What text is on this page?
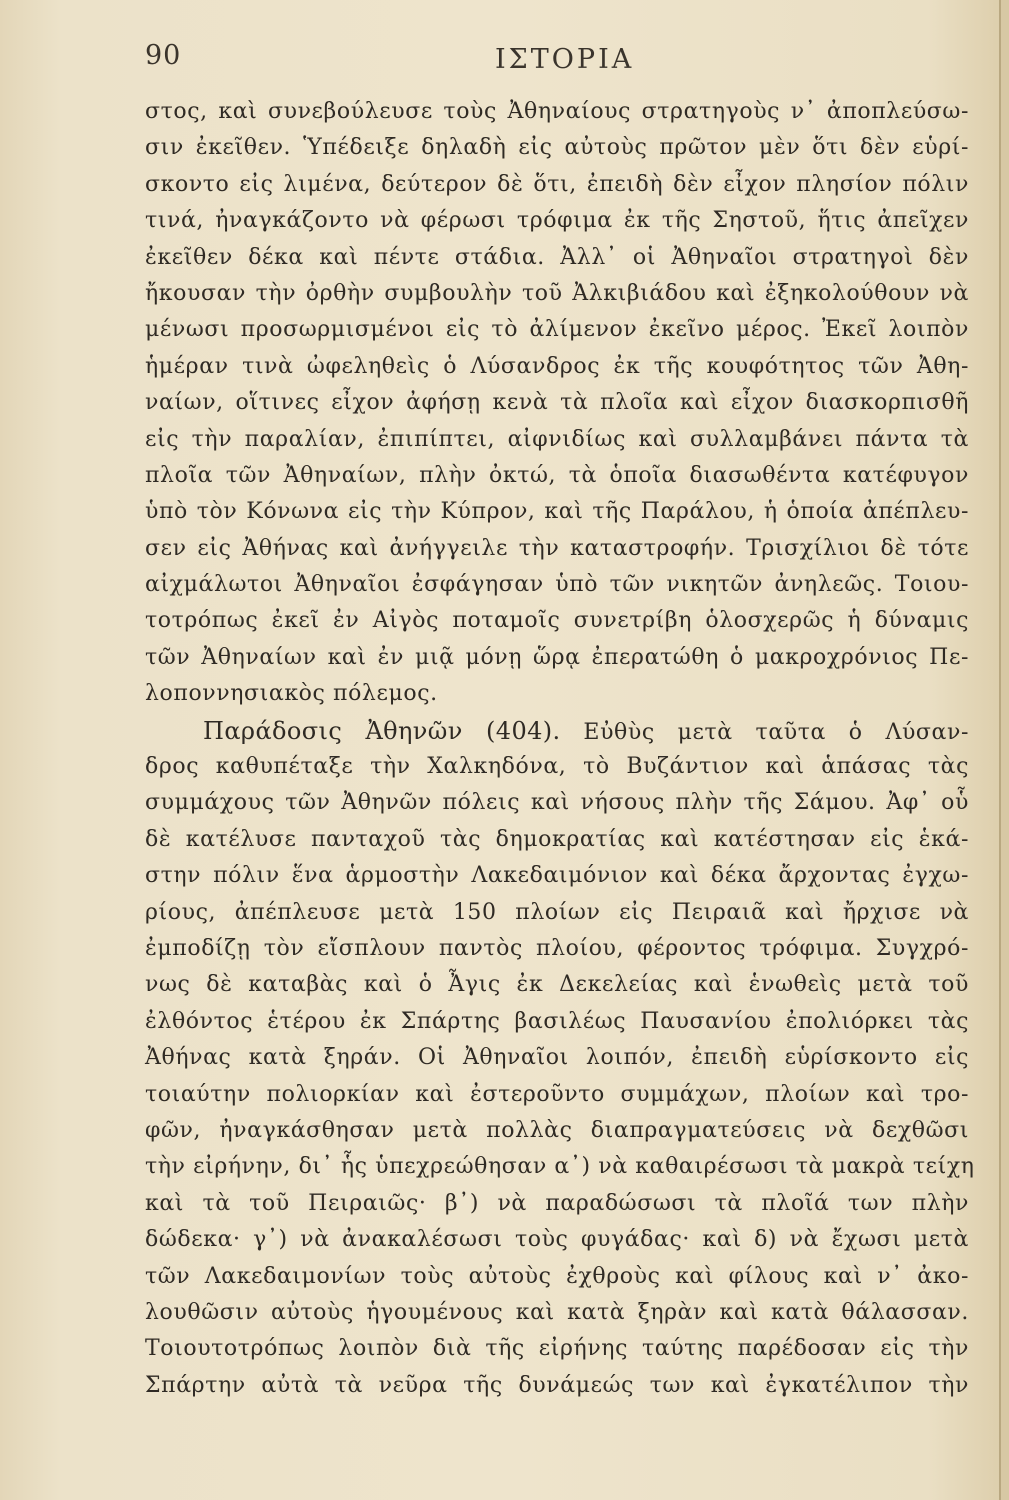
90	ΙΣΤΟΡΙΑ
στος, καὶ συνεβούλευσε τοὺς Ἀθηναίους στρατηγοὺς ν᾿ ἀποπλεύσω-
σιν ἐκεῖθεν. Ὑπέδειξε δηλαδὴ εἰς αὐτοὺς πρῶτον μὲν ὅτι δὲν εὑρί-
σκοντο εἰς λιμένα, δεύτερον δὲ ὅτι, ἐπειδὴ δὲν εἶχον πλησίον πόλιν
τινά, ἠναγκάζοντο νὰ φέρωσι τρόφιμα ἐκ τῆς Σηστοῦ, ἥτις ἀπεῖχεν
ἐκεῖθεν δέκα καὶ πέντε στάδια. Ἀλλ᾿ οἱ Ἀθηναῖοι στρατηγοὶ δὲν
ἤκουσαν τὴν ὀρθὴν συμβουλὴν τοῦ Ἀλκιβιάδου καὶ ἐξηκολούθουν νὰ
μένωσι προσωρμισμένοι εἰς τὸ ἀλίμενον ἐκεῖνο μέρος. Ἐκεῖ λοιπὸν
ἡμέραν τινὰ ὠφεληθεὶς ὁ Λύσανδρος ἐκ τῆς κουφότητος τῶν Ἀθη-
ναίων, οἵτινες εἶχον ἀφήσῃ κενὰ τὰ πλοῖα καὶ εἶχον διασκορπισθῆ
εἰς τὴν παραλίαν, ἐπιπίπτει, αἰφνιδίως καὶ συλλαμβάνει πάντα τὰ
πλοῖα τῶν Ἀθηναίων, πλὴν ὀκτώ, τὰ ὁποῖα διασωθέντα κατέφυγον
ὑπὸ τὸν Κόνωνα εἰς τὴν Κύπρον, καὶ τῆς Παράλου, ἡ ὁποία ἀπέπλευ-
σεν εἰς Ἀθήνας καὶ ἀνήγγειλε τὴν καταστροφήν. Τρισχίλιοι δὲ τότε
αἰχμάλωτοι Ἀθηναῖοι ἐσφάγησαν ὑπὸ τῶν νικητῶν ἀνηλεῶς. Τοιου-
τοτρόπως ἐκεῖ ἐν Αἰγὸς ποταμοῖς συνετρίβη ὁλοσχερῶς ἡ δύναμις
τῶν Ἀθηναίων καὶ ἐν μιᾷ μόνῃ ὥρᾳ ἐπερατώθη ὁ μακροχρόνιος Πε-
λοποννησιακὸς πόλεμος.
Παράδοσις Ἀθηνῶν (404). Εὐθὺς μετὰ ταῦτα ὁ Λύσαν-
δρος καθυπέταξε τὴν Χαλκηδόνα, τὸ Βυζάντιον καὶ ἁπάσας τὰς
συμμάχους τῶν Ἀθηνῶν πόλεις καὶ νήσους πλὴν τῆς Σάμου. Ἀφ᾿ οὗ
δὲ κατέλυσε πανταχοῦ τὰς δημοκρατίας καὶ κατέστησαν εἰς ἑκά-
στην πόλιν ἕνα ἁρμοστὴν Λακεδαιμόνιον καὶ δέκα ἄρχοντας ἐγχω-
ρίους, ἀπέπλευσε μετὰ 150 πλοίων εἰς Πειραιᾶ καὶ ἤρχισε νὰ
ἐμποδίζῃ τὸν εἴσπλουν παντὸς πλοίου, φέροντος τρόφιμα. Συγχρό-
νως δὲ καταβὰς καὶ ὁ Ἆγις ἐκ Δεκελείας καὶ ἑνωθεὶς μετὰ τοῦ
ἐλθόντος ἑτέρου ἐκ Σπάρτης βασιλέως Παυσανίου ἐπολιόρκει τὰς
Ἀθήνας κατὰ ξηράν. Οἱ Ἀθηναῖοι λοιπόν, ἐπειδὴ εὑρίσκοντο εἰς
τοιαύτην πολιορκίαν καὶ ἐστεροῦντο συμμάχων, πλοίων καὶ τρο-
φῶν, ἠναγκάσθησαν μετὰ πολλὰς διαπραγματεύσεις νὰ δεχθῶσι
τὴν εἰρήνην, δι᾿ ἧς ὑπεχρεώθησαν α᾿) νὰ καθαιρέσωσι τὰ μακρὰ τείχη
καὶ τὰ τοῦ Πειραιῶς· β᾿) νὰ παραδώσωσι τὰ πλοῖά των πλὴν
δώδεκα· γ᾿) νὰ ἀνακαλέσωσι τοὺς φυγάδας· καὶ δ) νὰ ἔχωσι μετὰ
τῶν Λακεδαιμονίων τοὺς αὐτοὺς ἐχθροὺς καὶ φίλους καὶ ν᾿ ἀκο-
λουθῶσιν αὐτοὺς ἡγουμένους καὶ κατὰ ξηρὰν καὶ κατὰ θάλασσαν.
Τοιουτοτρόπως λοιπὸν διὰ τῆς εἰρήνης ταύτης παρέδοσαν εἰς τὴν
Σπάρτην αὐτὰ τὰ νεῦρα τῆς δυνάμεώς των καὶ ἐγκατέλιπον τὴν
